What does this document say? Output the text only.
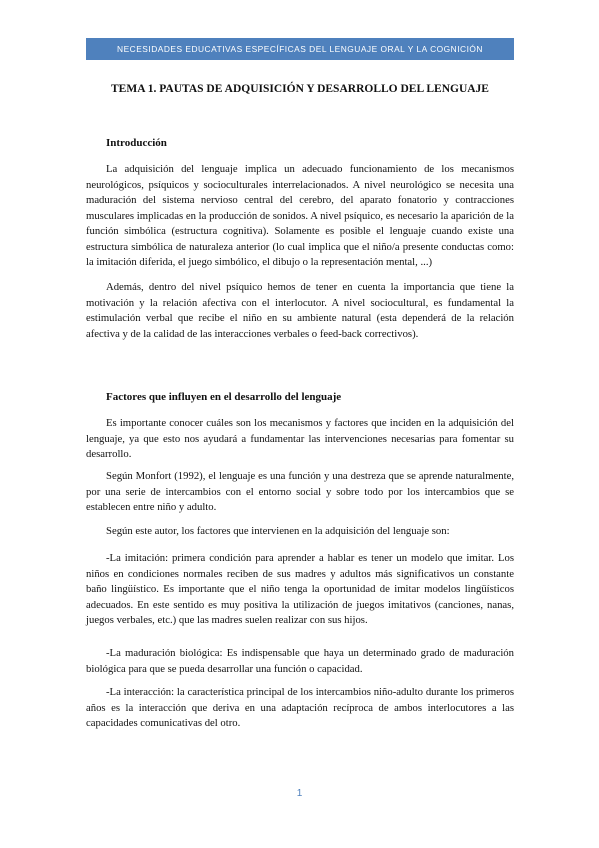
NECESIDADES EDUCATIVAS ESPECÍFICAS DEL LENGUAJE ORAL Y LA COGNICIÓN
TEMA 1. PAUTAS DE ADQUISICIÓN Y DESARROLLO DEL LENGUAJE
Introducción

La adquisición del lenguaje implica un adecuado funcionamiento de los mecanismos neurológicos, psíquicos y socioculturales interrelacionados. A nivel neurológico se necesita una maduración del sistema nervioso central del cerebro, del aparato fonatorio y contracciones musculares implicadas en la producción de sonidos. A nivel psíquico, es necesario la aparición de la función simbólica (estructura cognitiva). Solamente es posible el lenguaje cuando existe una estructura simbólica de naturaleza anterior (lo cual implica que el niño/a presente conductas como: la imitación diferida, el juego simbólico, el dibujo o la representación mental, ...)

Además, dentro del nivel psíquico hemos de tener en cuenta la importancia que tiene la motivación y la relación afectiva con el interlocutor. A nivel sociocultural, es fundamental la estimulación verbal que recibe el niño en su ambiente natural (esta dependerá de la relación afectiva y de la calidad de las interacciones verbales o feed-back correctivos).

Factores que influyen en el desarrollo del lenguaje

Es importante conocer cuáles son los mecanismos y factores que inciden en la adquisición del lenguaje, ya que esto nos ayudará a fundamentar las intervenciones necesarias para fomentar su desarrollo.

Según Monfort (1992), el lenguaje es una función y una destreza que se aprende naturalmente, por una serie de intercambios con el entorno social y sobre todo por los intercambios que se establecen entre niño y adulto.

Según este autor, los factores que intervienen en la adquisición del lenguaje son:

-La imitación: primera condición para aprender a hablar es tener un modelo que imitar. Los niños en condiciones normales reciben de sus madres y adultos más significativos un constante baño lingüístico. Es importante que el niño tenga la oportunidad de imitar modelos lingüísticos adecuados. En este sentido es muy positiva la utilización de juegos imitativos (canciones, nanas, juegos verbales, etc.) que las madres suelen realizar con sus hijos.

-La maduración biológica: Es indispensable que haya un determinado grado de maduración biológica para que se pueda desarrollar una función o capacidad.

-La interacción: la característica principal de los intercambios niño-adulto durante los primeros años es la interacción que deriva en una adaptación recíproca de ambos interlocutores a las capacidades comunicativas del otro.

1
